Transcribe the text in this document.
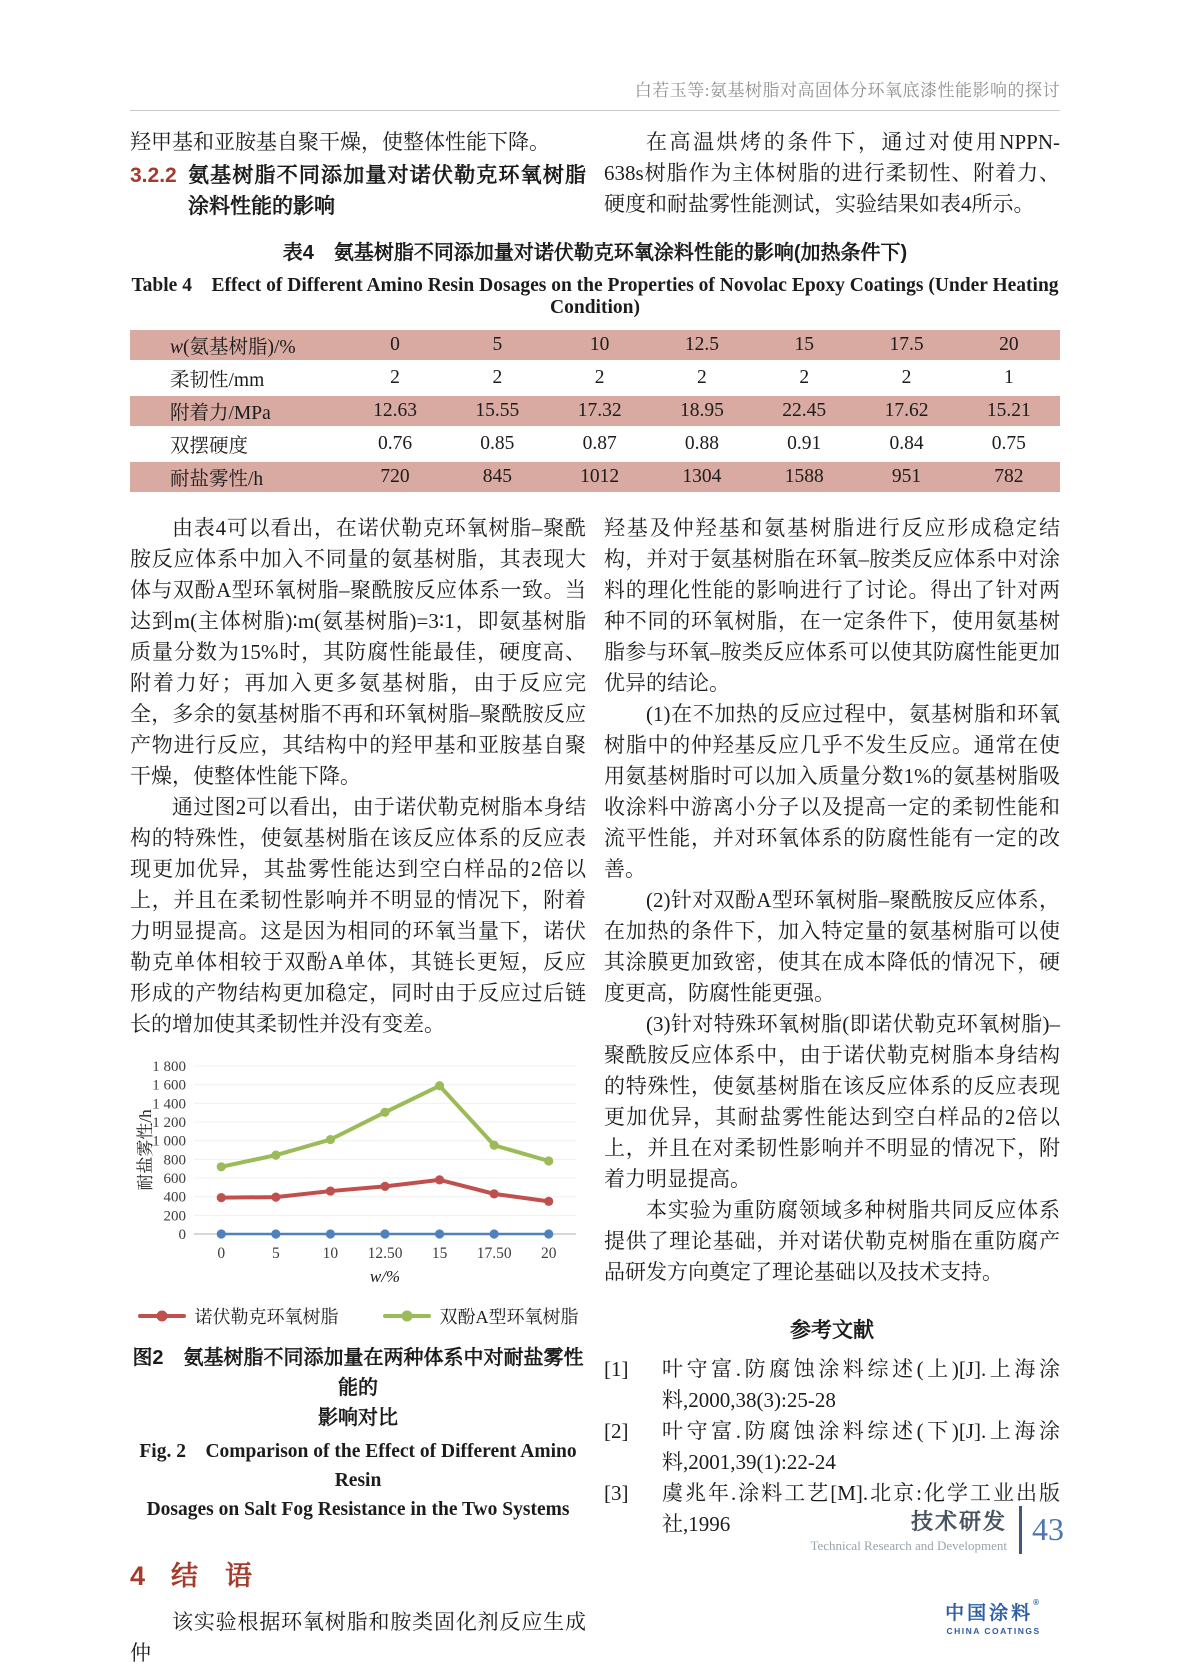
白若玉等:氨基树脂对高固体分环氧底漆性能影响的探讨

羟甲基和亚胺基自聚干燥，使整体性能下降。

3.2.2 氨基树脂不同添加量对诺伏勒克环氧树脂涂料性能的影响

在高温烘烤的条件下，通过对使用NPPN-638s树脂作为主体树脂的进行柔韧性、附着力、硬度和耐盐雾性能测试，实验结果如表4所示。

表4　氨基树脂不同添加量对诺伏勒克环氧涂料性能的影响(加热条件下)
Table 4　Effect of Different Amino Resin Dosages on the Properties of Novolac Epoxy Coatings (Under Heating Condition)
w(氨基树脂)/%	0	5	10	12.5	15	17.5	20
柔韧性/mm	2	2	2	2	2	2	1
附着力/MPa	12.63	15.55	17.32	18.95	22.45	17.62	15.21
双摆硬度	0.76	0.85	0.87	0.88	0.91	0.84	0.75
耐盐雾性/h	720	845	1012	1304	1588	951	782

由表4可以看出，在诺伏勒克环氧树脂–聚酰胺反应体系中加入不同量的氨基树脂，其表现大体与双酚A型环氧树脂–聚酰胺反应体系一致。当达到m(主体树脂)∶m(氨基树脂)=3∶1，即氨基树脂质量分数为15%时，其防腐性能最佳，硬度高、附着力好；再加入更多氨基树脂，由于反应完全，多余的氨基树脂不再和环氧树脂–聚酰胺反应产物进行反应，其结构中的羟甲基和亚胺基自聚干燥，使整体性能下降。

通过图2可以看出，由于诺伏勒克树脂本身结构的特殊性，使氨基树脂在该反应体系的反应表现更加优异，其盐雾性能达到空白样品的2倍以上，并且在柔韧性影响并不明显的情况下，附着力明显提高。这是因为相同的环氧当量下，诺伏勒克单体相较于双酚A单体，其链长更短，反应形成的产物结构更加稳定，同时由于反应过后链长的增加使其柔韧性并没有变差。

0
200
400
600
800
1 000
1 200
1 400
1 600
1 800
耐盐雾性/h
0	5	10 12.50 15 17.50 20
w/%
诺伏勒克环氧树脂	双酚A型环氧树脂
图2　氨基树脂不同添加量在两种体系中对耐盐雾性能的
影响对比
Fig. 2　Comparison of the Effect of Different Amino Resin
Dosages on Salt Fog Resistance in the Two Systems
4 结　语

该实验根据环氧树脂和胺类固化剂反应生成仲

羟基及仲羟基和氨基树脂进行反应形成稳定结构，并对于氨基树脂在环氧–胺类反应体系中对涂料的理化性能的影响进行了讨论。得出了针对两种不同的环氧树脂，在一定条件下，使用氨基树脂参与环氧–胺类反应体系可以使其防腐性能更加优异的结论。

(1)在不加热的反应过程中，氨基树脂和环氧树脂中的仲羟基反应几乎不发生反应。通常在使用氨基树脂时可以加入质量分数1%的氨基树脂吸收涂料中游离小分子以及提高一定的柔韧性能和流平性能，并对环氧体系的防腐性能有一定的改善。

(2)针对双酚A型环氧树脂–聚酰胺反应体系，在加热的条件下，加入特定量的氨基树脂可以使其涂膜更加致密，使其在成本降低的情况下，硬度更高，防腐性能更强。

(3)针对特殊环氧树脂(即诺伏勒克环氧树脂)–聚酰胺反应体系中，由于诺伏勒克树脂本身结构的特殊性，使氨基树脂在该反应体系的反应表现更加优异，其耐盐雾性能达到空白样品的2倍以上，并且在对柔韧性影响并不明显的情况下，附着力明显提高。

本实验为重防腐领域多种树脂共同反应体系提供了理论基础，并对诺伏勒克树脂在重防腐产品研发方向奠定了理论基础以及技术支持。

参考文献
[1]	叶守富.防腐蚀涂料综述(上)[J].上海涂料,2000,38(3):25-28
[2]	叶守富.防腐蚀涂料综述(下)[J].上海涂料,2001,39(1):22-24
[3]	虞兆年.涂料工艺[M].北京:化学工业出版社,1996
中国涂料®
CHINA COATINGS
技术研发
Technical Research and Development 43
